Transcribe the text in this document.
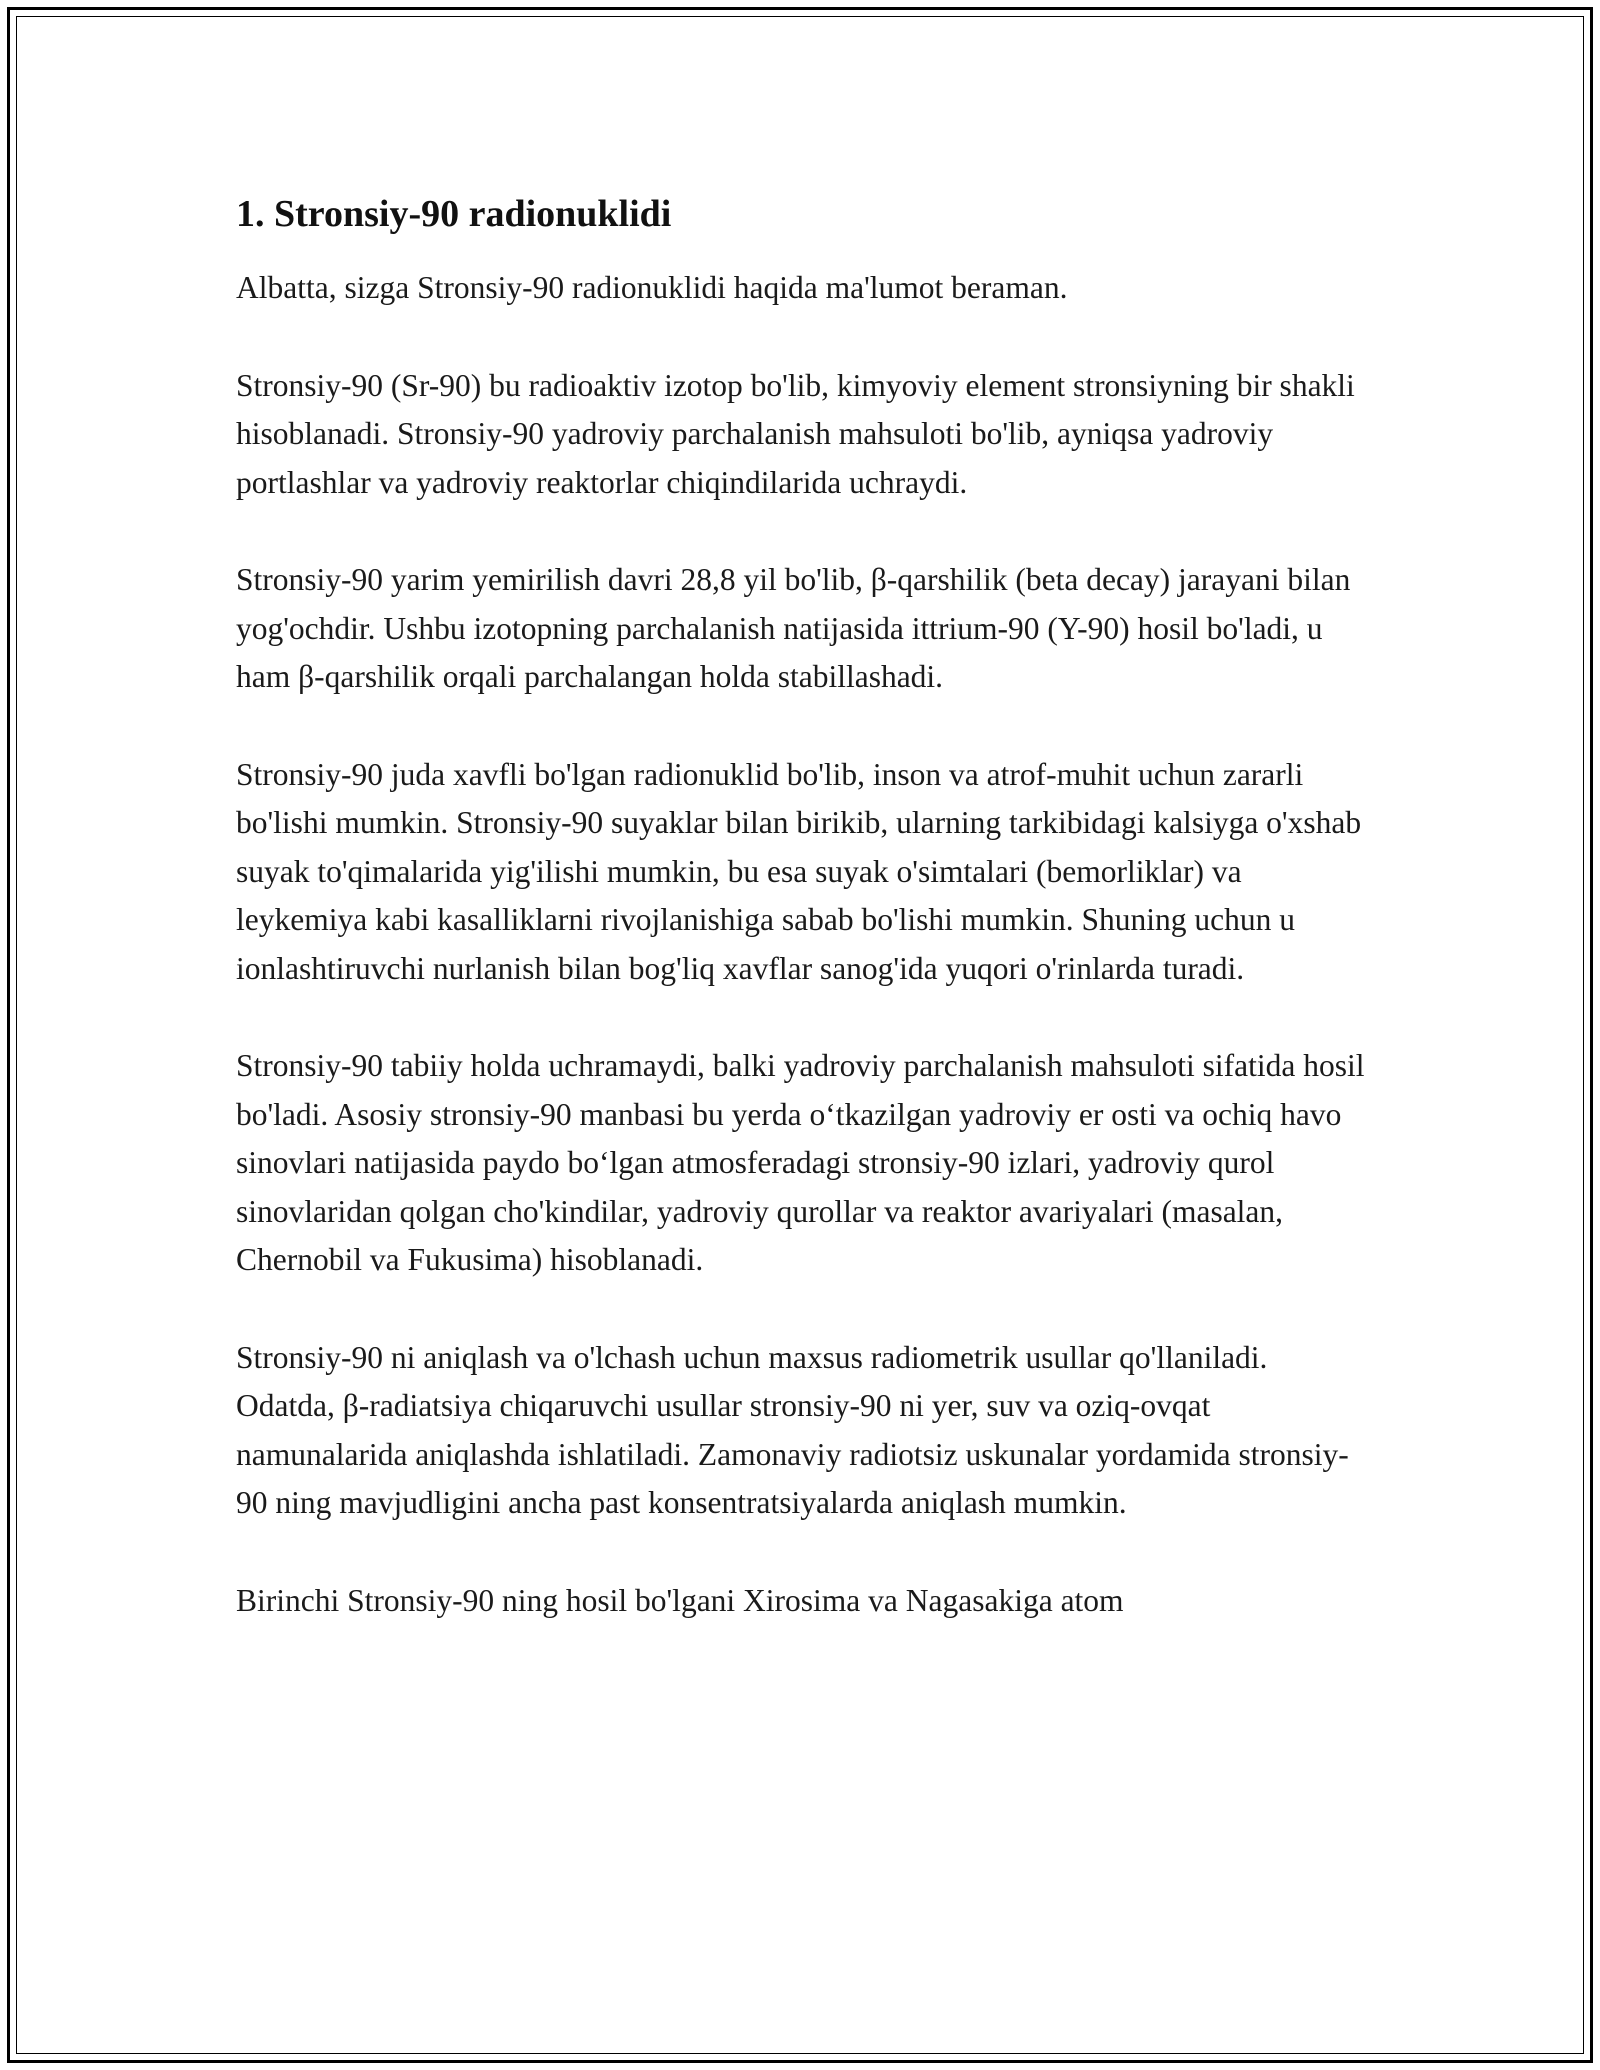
1. Stronsiy-90 radionuklidi

Albatta, sizga Stronsiy-90 radionuklidi haqida ma'lumot beraman.

Stronsiy-90 (Sr-90) bu radioaktiv izotop bo'lib, kimyoviy element stronsiyning bir shakli hisoblanadi. Stronsiy-90 yadroviy parchalanish mahsuloti bo'lib, ayniqsa yadroviy portlashlar va yadroviy reaktorlar chiqindilarida uchraydi.

Stronsiy-90 yarim yemirilish davri 28,8 yil bo'lib, β-qarshilik (beta decay) jarayani bilan yog'ochdir. Ushbu izotopning parchalanish natijasida ittrium-90 (Y-90) hosil bo'ladi, u ham β-qarshilik orqali parchalangan holda stabillashadi.

Stronsiy-90 juda xavfli bo'lgan radionuklid bo'lib, inson va atrof-muhit uchun zararli bo'lishi mumkin. Stronsiy-90 suyaklar bilan birikib, ularning tarkibidagi kalsiyga o'xshab suyak to'qimalarida yig'ilishi mumkin, bu esa suyak o'simtalari (bemorliklar) va leykemiya kabi kasalliklarni rivojlanishiga sabab bo'lishi mumkin. Shuning uchun u ionlashtiruvchi nurlanish bilan bog'liq xavflar sanog'ida yuqori o'rinlarda turadi.

Stronsiy-90 tabiiy holda uchramaydi, balki yadroviy parchalanish mahsuloti sifatida hosil bo'ladi. Asosiy stronsiy-90 manbasi bu yerda oʻtkazilgan yadroviy er osti va ochiq havo sinovlari natijasida paydo boʻlgan atmosferadagi stronsiy-90 izlari, yadroviy qurol sinovlaridan qolgan cho'kindilar, yadroviy qurollar va reaktor avariyalari (masalan, Chernobil va Fukusima) hisoblanadi.

Stronsiy-90 ni aniqlash va o'lchash uchun maxsus radiometrik usullar qo'llaniladi. Odatda, β-radiatsiya chiqaruvchi usullar stronsiy-90 ni yer, suv va oziq-ovqat namunalarida aniqlashda ishlatiladi. Zamonaviy radiotsiz uskunalar yordamida stronsiy-90 ning mavjudligini ancha past konsentratsiyalarda aniqlash mumkin.

Birinchi Stronsiy-90 ning hosil bo'lgani Xirosima va Nagasakiga atom
